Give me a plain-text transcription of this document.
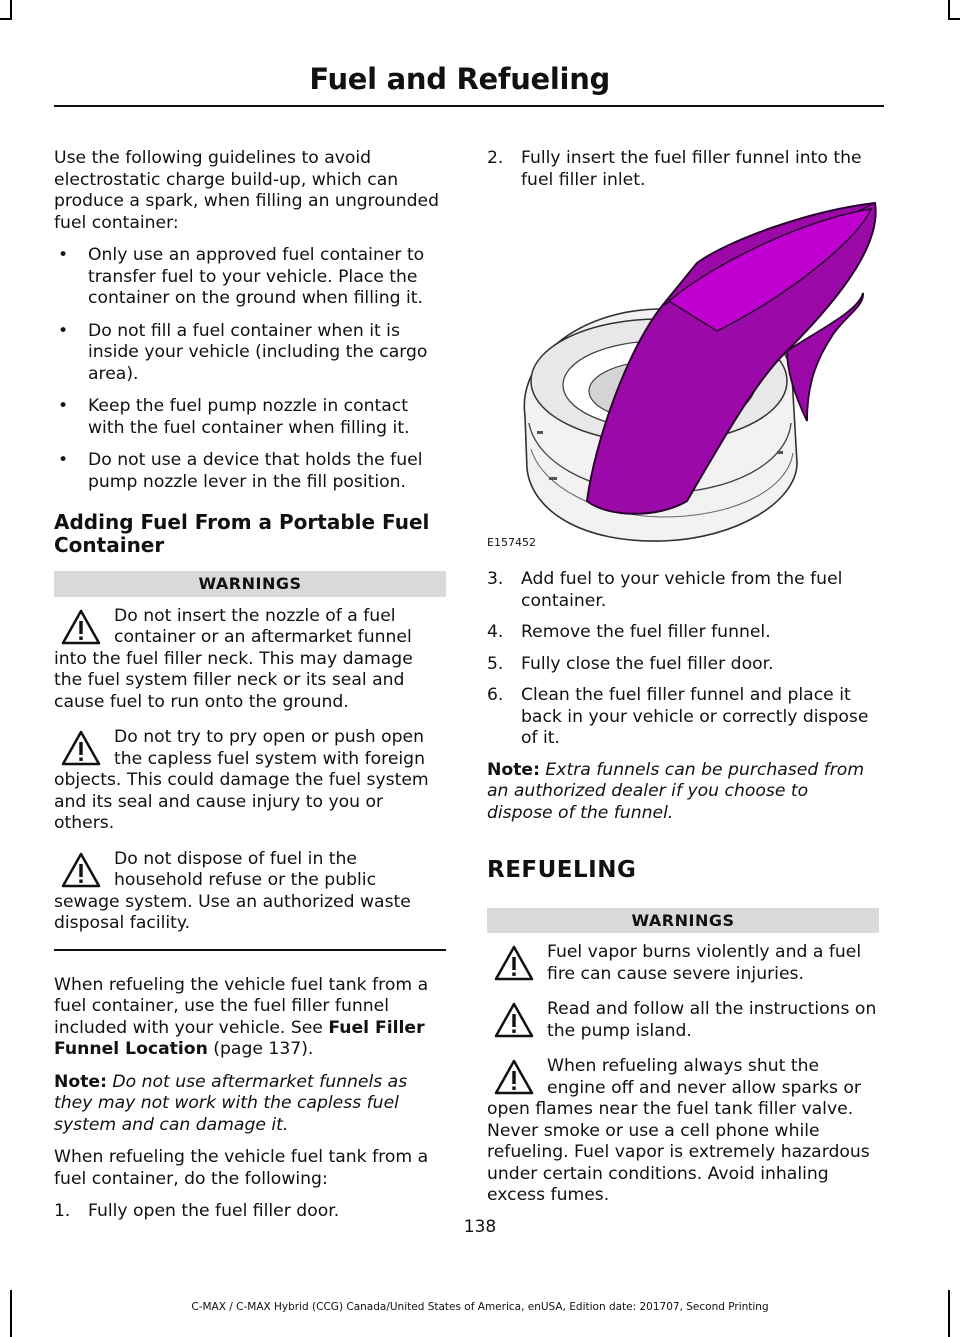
Fuel and Refueling

Use the following guidelines to avoid electrostatic charge build-up, which can produce a spark, when filling an ungrounded fuel container:

• Only use an approved fuel container to transfer fuel to your vehicle. Place the container on the ground when filling it.
• Do not fill a fuel container when it is inside your vehicle (including the cargo area).
• Keep the fuel pump nozzle in contact with the fuel container when filling it.
• Do not use a device that holds the fuel pump nozzle lever in the fill position.
Adding Fuel From a Portable Fuel Container
WARNINGS
Do not insert the nozzle of a fuel container or an aftermarket funnel into the fuel filler neck. This may damage the fuel system filler neck or its seal and cause fuel to run onto the ground.
Do not try to pry open or push open the capless fuel system with foreign objects. This could damage the fuel system and its seal and cause injury to you or others.
Do not dispose of fuel in the household refuse or the public sewage system. Use an authorized waste disposal facility.

When refueling the vehicle fuel tank from a fuel container, use the fuel filler funnel included with your vehicle. See Fuel Filler Funnel Location (page 137).

Note: Do not use aftermarket funnels as they may not work with the capless fuel system and can damage it.

When refueling the vehicle fuel tank from a fuel container, do the following:

1. Fully open the fuel filler door.
2. Fully insert the fuel filler funnel into the fuel filler inlet.
E157452
3. Add fuel to your vehicle from the fuel container.
4. Remove the fuel filler funnel.
5. Fully close the fuel filler door.
6. Clean the fuel filler funnel and place it back in your vehicle or correctly dispose of it.

Note: Extra funnels can be purchased from an authorized dealer if you choose to dispose of the funnel.

REFUELING
WARNINGS
Fuel vapor burns violently and a fuel fire can cause severe injuries.
Read and follow all the instructions on the pump island.
When refueling always shut the engine off and never allow sparks or open flames near the fuel tank filler valve. Never smoke or use a cell phone while refueling. Fuel vapor is extremely hazardous under certain conditions. Avoid inhaling excess fumes.
138
C-MAX / C-MAX Hybrid (CCG) Canada/United States of America, enUSA, Edition date: 201707, Second Printing
